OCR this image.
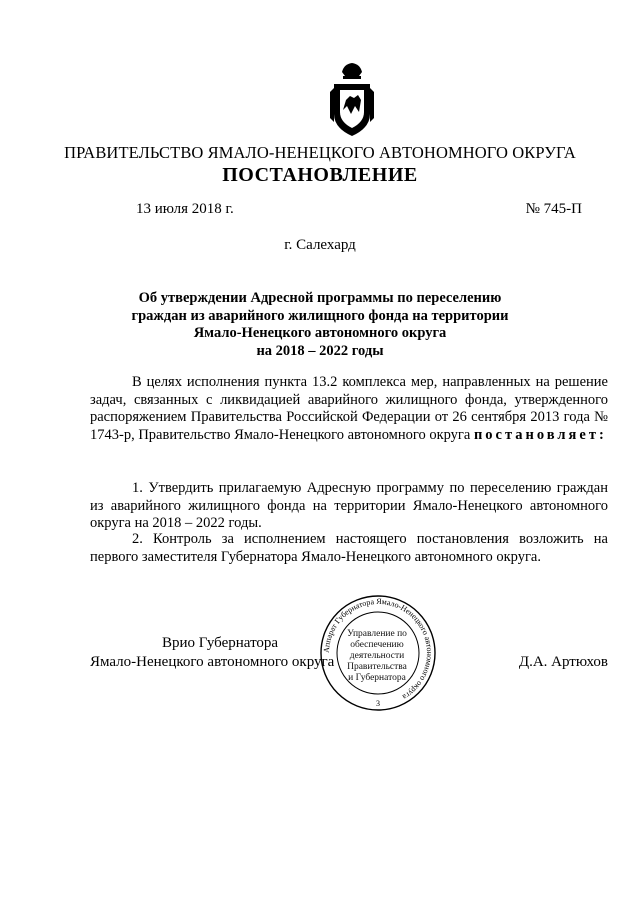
ПРАВИТЕЛЬСТВО ЯМАЛО-НЕНЕЦКОГО АВТОНОМНОГО ОКРУГА
ПОСТАНОВЛЕНИЕ
13 июля 2018 г.	№ 745-П
г. Салехард
Об утверждении Адресной программы по переселению
граждан из аварийного жилищного фонда на территории
Ямало-Ненецкого автономного округа
на 2018 – 2022 годы
В целях исполнения пункта 13.2 комплекса мер, направленных на решение задач, связанных с ликвидацией аварийного жилищного фонда, утвержденного распоряжением Правительства Российской Федерации от 26 сентября 2013 года № 1743-р, Правительство Ямало-Ненецкого автономного округа постановляет:
1. Утвердить прилагаемую Адресную программу по переселению граждан из аварийного жилищного фонда на территории Ямало-Ненецкого автономного округа на 2018 – 2022 годы.
2. Контроль за исполнением настоящего постановления возложить на первого заместителя Губернатора Ямало-Ненецкого автономного округа.
Врио Губернатора
Ямало-Ненецкого автономного округа	Д.А. Артюхов
Аппарат Губернатора Ямало-Ненецкого автономного округа
3
Управление по
обеспечению
деятельности
Правительства
и Губернатора
